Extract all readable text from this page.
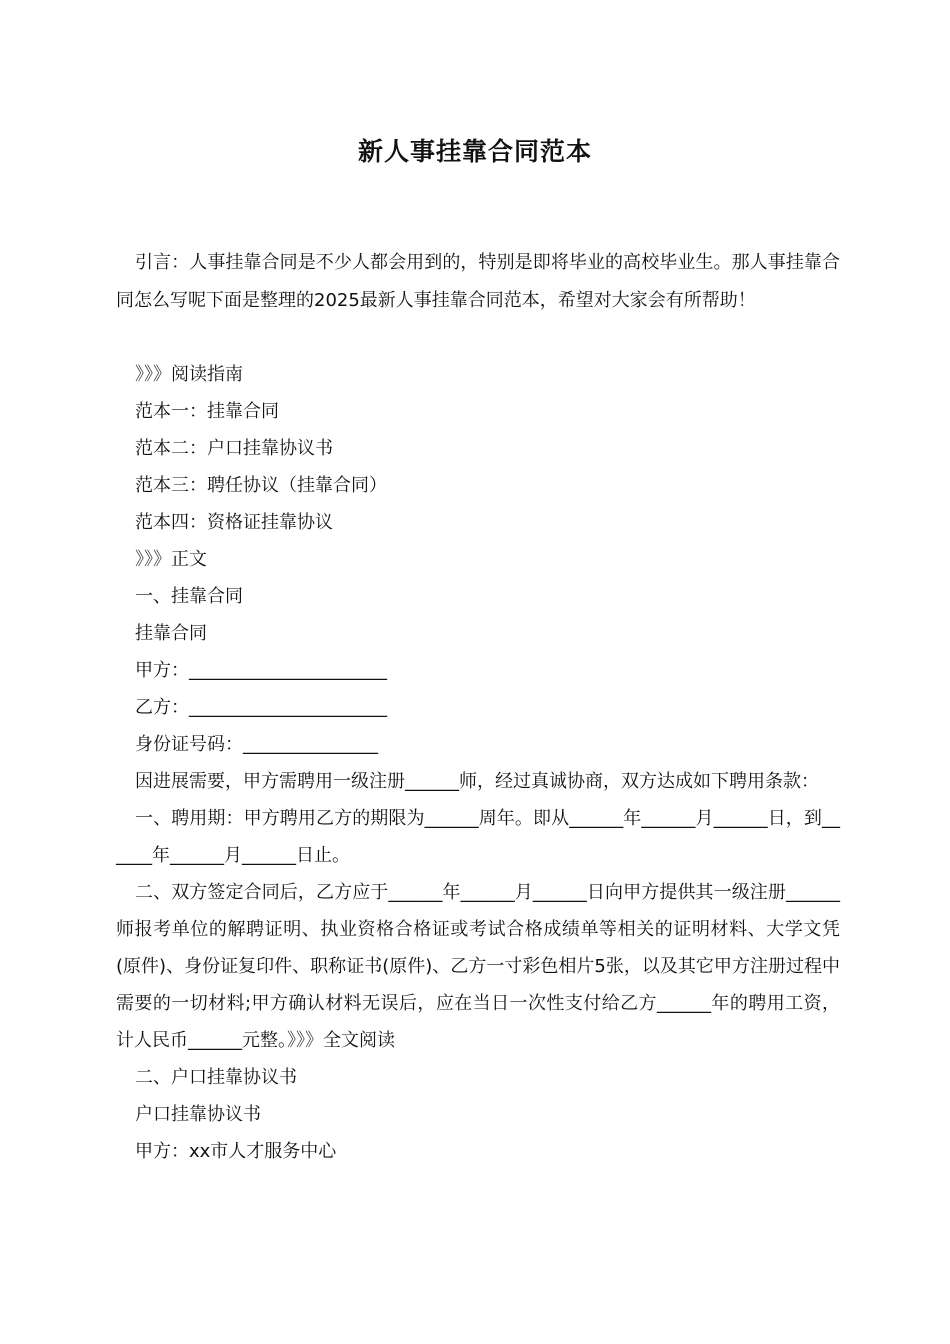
新人事挂靠合同范本

引言：人事挂靠合同是不少人都会用到的，特别是即将毕业的高校毕业生。那人事挂靠合同怎么写呢下面是整理的2025最新人事挂靠合同范本，希望对大家会有所帮助！

》》》阅读指南

范本一：挂靠合同

范本二：户口挂靠协议书

范本三：聘任协议（挂靠合同）

范本四：资格证挂靠协议

》》》正文

一、挂靠合同

挂靠合同

甲方：______________________

乙方：______________________

身份证号码：_______________

因进展需要，甲方需聘用一级注册______师，经过真诚协商，双方达成如下聘用条款：

一、聘用期：甲方聘用乙方的期限为______周年。即从______年______月______日，到______年______月______日止。

二、双方签定合同后，乙方应于______年______月______日向甲方提供其一级注册______师报考单位的解聘证明、执业资格合格证或考试合格成绩单等相关的证明材料、大学文凭(原件)、身份证复印件、职称证书(原件)、乙方一寸彩色相片5张，以及其它甲方注册过程中需要的一切材料;甲方确认材料无误后，应在当日一次性支付给乙方______年的聘用工资，计人民币______元整。》》》全文阅读

二、户口挂靠协议书

户口挂靠协议书

甲方：xx市人才服务中心
